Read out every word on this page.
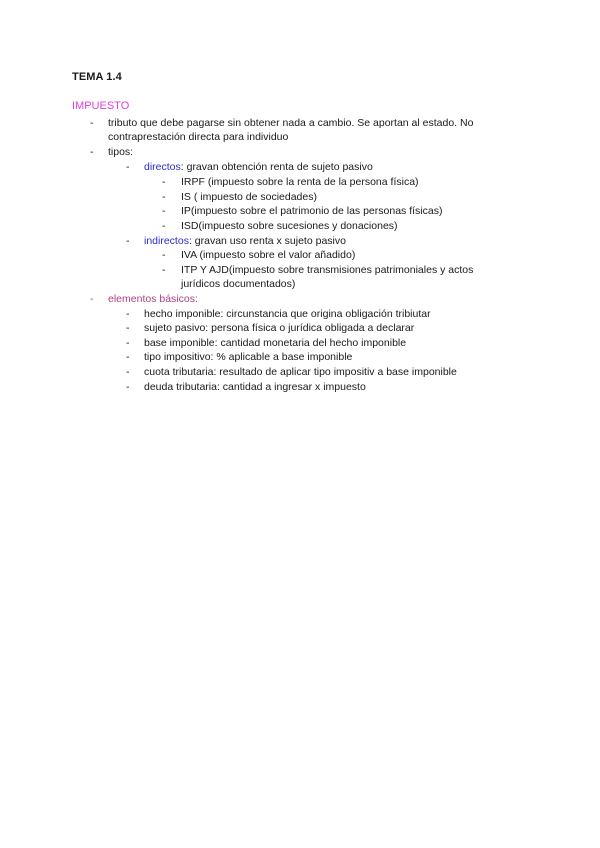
TEMA 1.4
IMPUESTO
- tributo que debe pagarse sin obtener nada a cambio. Se aportan al estado. No
contraprestación directa para individuo
- tipos:
- directos: gravan obtención renta de sujeto pasivo
- IRPF (impuesto sobre la renta de la persona física)
- IS ( impuesto de sociedades)
- IP(impuesto sobre el patrimonio de las personas físicas)
- ISD(impuesto sobre sucesiones y donaciones)
- indirectos: gravan uso renta x sujeto pasivo
- IVA (impuesto sobre el valor añadido)
- ITP Y AJD(impuesto sobre transmisiones patrimoniales y actos
jurídicos documentados)
- elementos básicos:
- hecho imponible: circunstancia que origina obligación tribiutar
- sujeto pasivo: persona física o jurídica obligada a declarar
- base imponible: cantidad monetaria del hecho imponible
- tipo impositivo: % aplicable a base imponible
- cuota tributaria: resultado de aplicar tipo impositiv a base imponible
- deuda tributaria: cantidad a ingresar x impuesto
